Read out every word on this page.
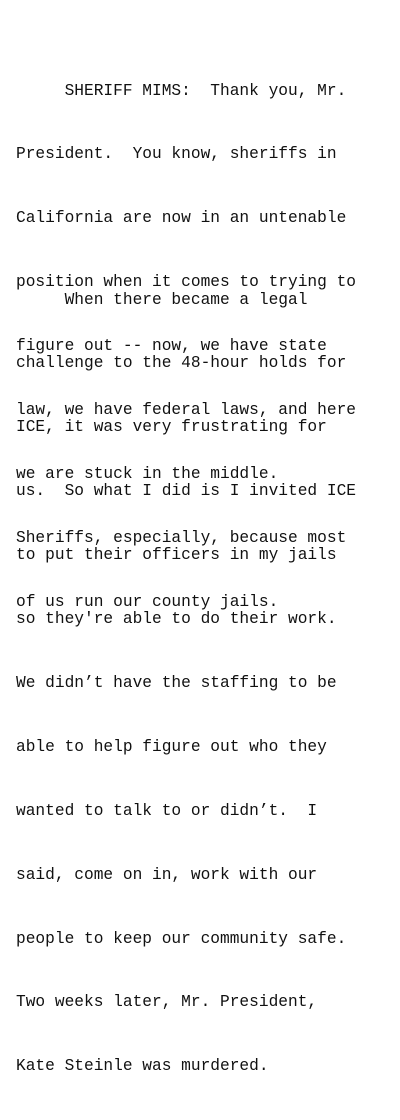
SHERIFF MIMS:  Thank you, Mr.

President.  You know, sheriffs in

California are now in an untenable

position when it comes to trying to

figure out -- now, we have state

law, we have federal laws, and here

we are stuck in the middle.

Sheriffs, especially, because most

of us run our county jails.

When there became a legal

challenge to the 48-hour holds for

ICE, it was very frustrating for

us.  So what I did is I invited ICE

to put their officers in my jails

so they're able to do their work.

We didn’t have the staffing to be

able to help figure out who they

wanted to talk to or didn’t.  I

said, come on in, work with our

people to keep our community safe.

Two weeks later, Mr. President,

Kate Steinle was murdered.
